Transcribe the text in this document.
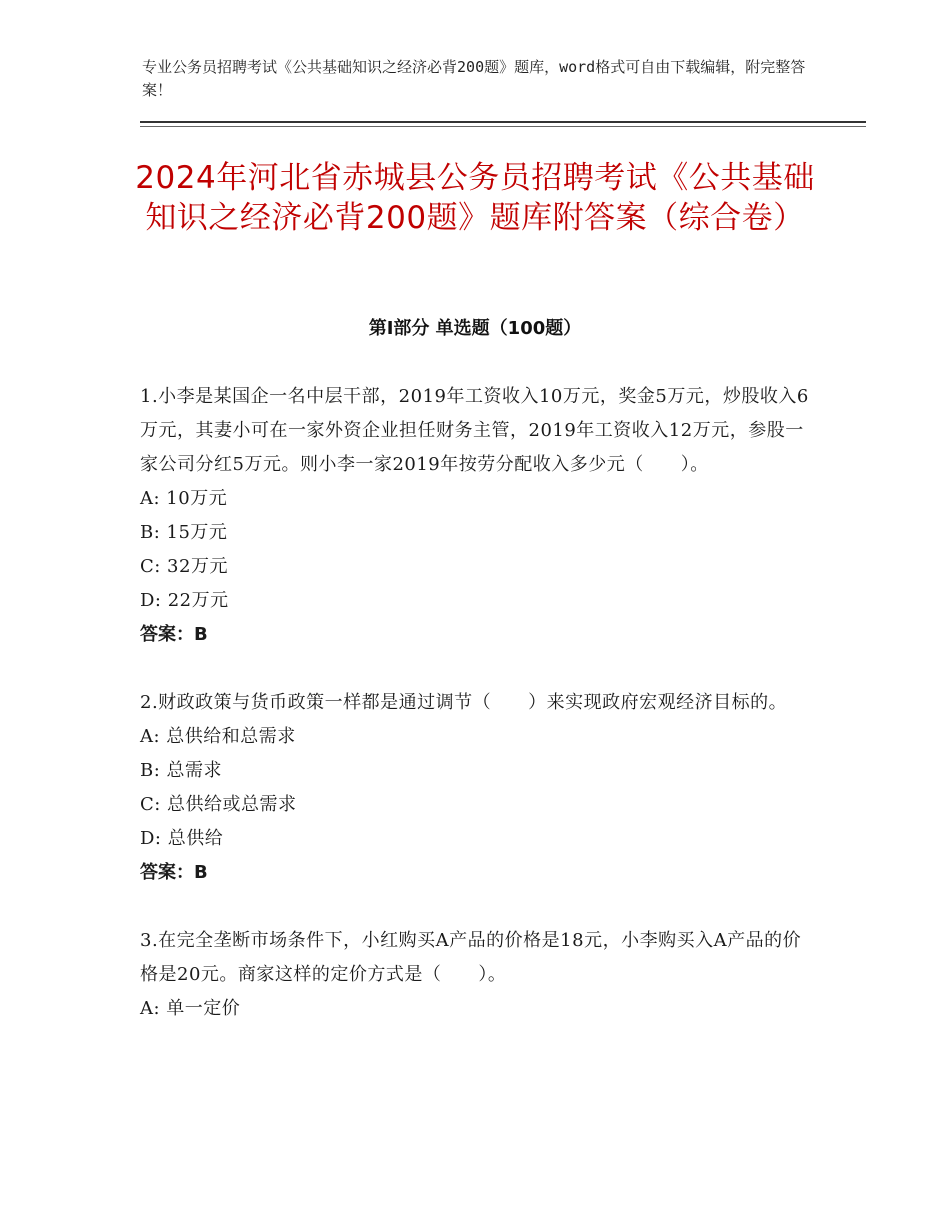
专业公务员招聘考试《公共基础知识之经济必背200题》题库，word格式可自由下载编辑，附完整答案！
2024年河北省赤城县公务员招聘考试《公共基础知识之经济必背200题》题库附答案（综合卷）
第Ⅰ部分 单选题（100题）

1.小李是某国企一名中层干部，2019年工资收入10万元，奖金5万元，炒股收入6万元，其妻小可在一家外资企业担任财务主管，2019年工资收入12万元，参股一家公司分红5万元。则小李一家2019年按劳分配收入多少元（　　）。

A: 10万元

B: 15万元

C: 32万元

D: 22万元

答案：B

2.财政政策与货币政策一样都是通过调节（　　）来实现政府宏观经济目标的。

A: 总供给和总需求

B: 总需求

C: 总供给或总需求

D: 总供给

答案：B

3.在完全垄断市场条件下，小红购买A产品的价格是18元，小李购买入A产品的价格是20元。商家这样的定价方式是（　　）。

A: 单一定价
